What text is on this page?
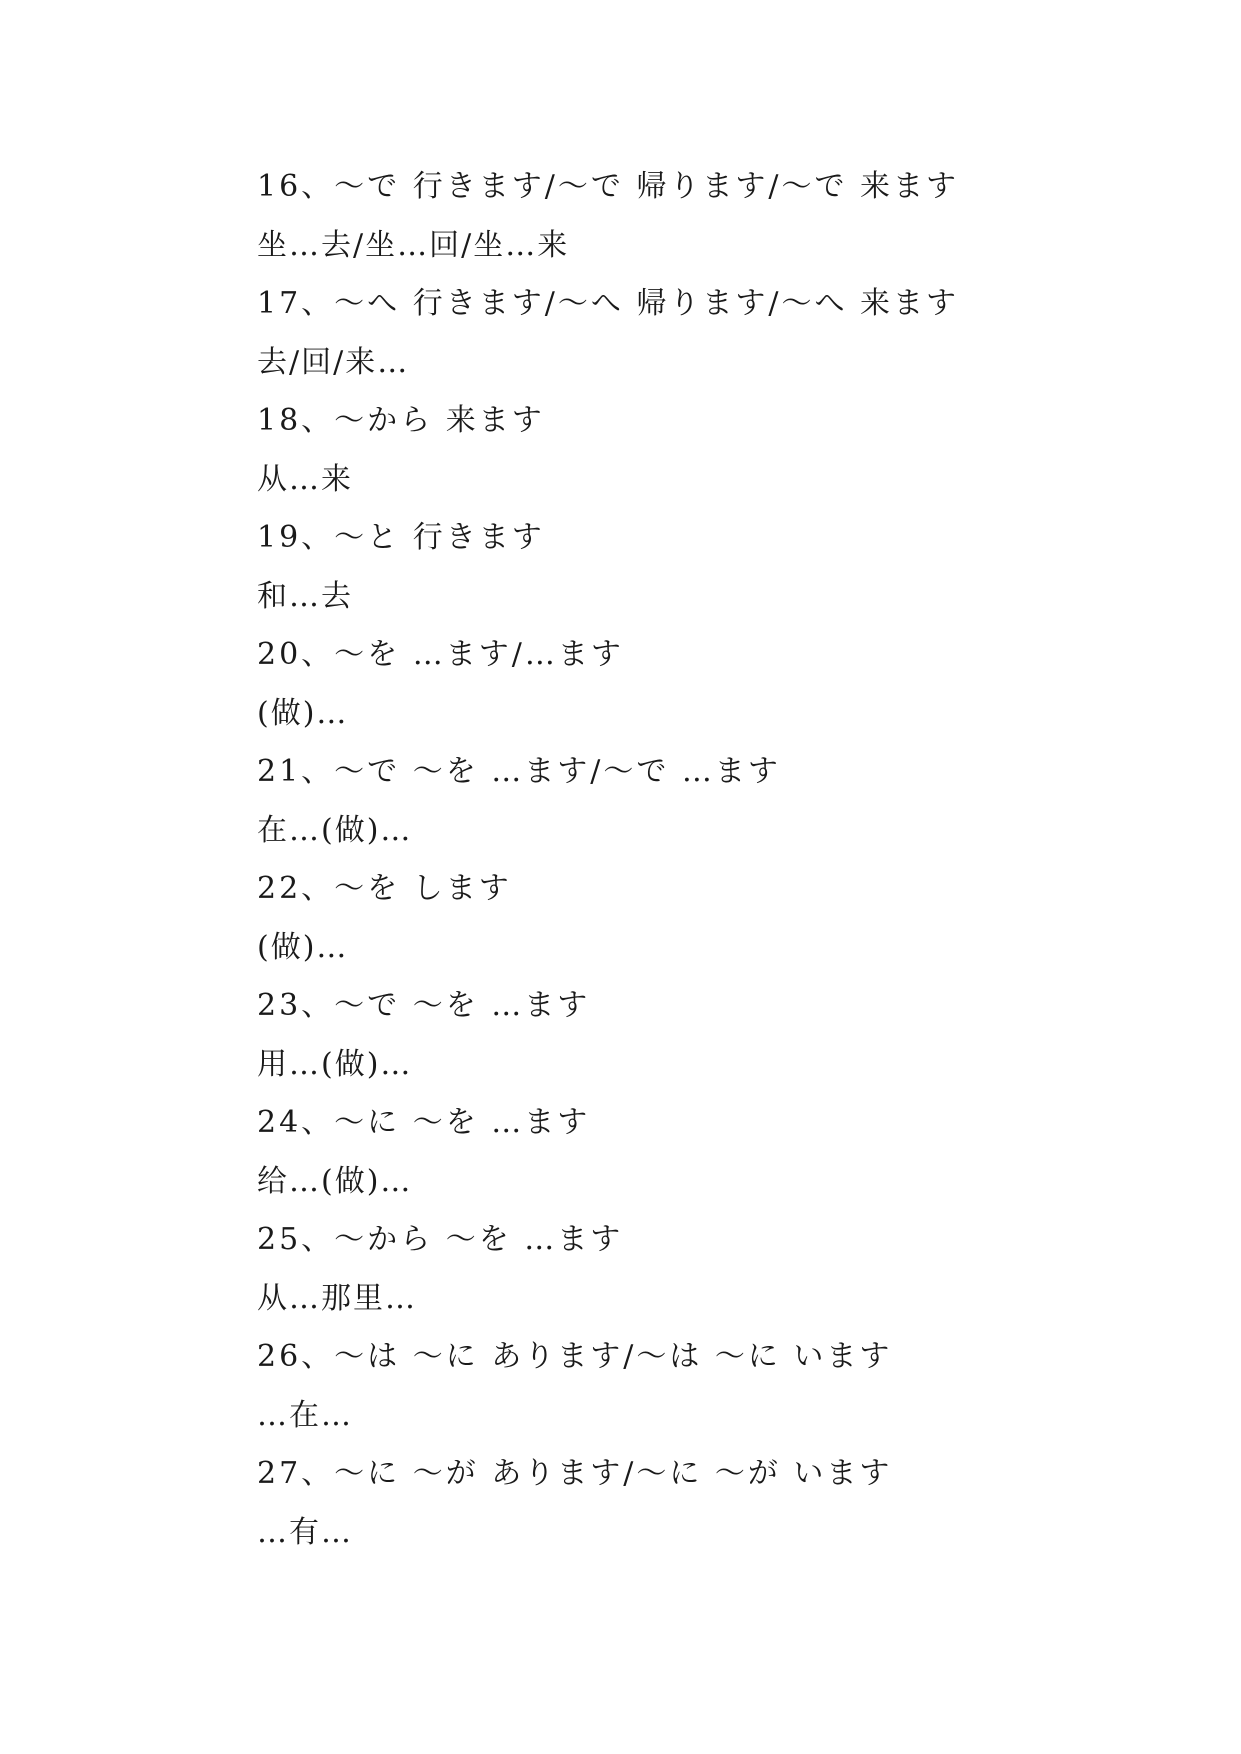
16、～で 行きます/～で 帰ります/～で 来ます
坐…去/坐…回/坐…来
17、～へ 行きます/～へ 帰ります/～へ 来ます
去/回/来…
18、～から 来ます
从…来
19、～と 行きます
和…去
20、～を …ます/…ます
(做)…
21、～で ～を …ます/～で …ます
在…(做)…
22、～を します
(做)…
23、～で ～を …ます
用…(做)…
24、～に ～を …ます
给…(做)…
25、～から ～を …ます
从…那里…
26、～は ～に あります/～は ～に います
…在…
27、～に ～が あります/～に ～が います
…有…
